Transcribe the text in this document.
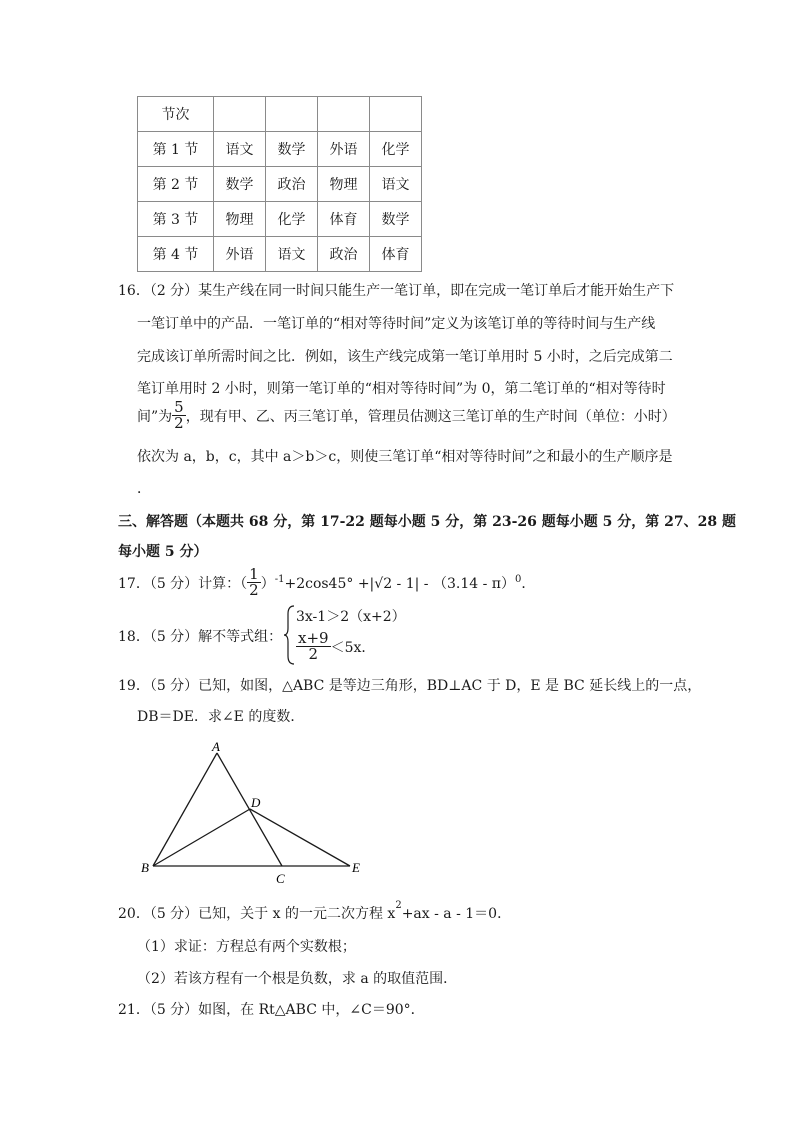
节次				
第 1 节	语文	数学	外语	化学
第 2 节	数学	政治	物理	语文
第 3 节	物理	化学	体育	数学
第 4 节	外语	语文	政治	体育
16．（2 分）某生产线在同一时间只能生产一笔订单，即在完成一笔订单后才能开始生产下
一笔订单中的产品．一笔订单的“相对等待时间”定义为该笔订单的等待时间与生产线
完成该订单所需时间之比．例如，该生产线完成第一笔订单用时 5 小时，之后完成第二
笔订单用时 2 小时，则第一笔订单的“相对等待时间”为 0，第二笔订单的“相对等待时
间”为 $\frac{5}{2}$ ，现有甲、乙、丙三笔订单，管理员估测这三笔订单的生产时间（单位：小时）
依次为 a，b，c，其中 a＞b＞c，则使三笔订单“相对等待时间”之和最小的生产顺序是
．
三、解答题（本题共 68 分，第 17-22 题每小题 5 分，第 23-26 题每小题 5 分，第 27、28 题
每小题 5 分）
17．（5 分）计算：（ $\frac{1}{2}$ ） -1 +2cos45° +|√2 - 1| - （3.14 - π） 0 ．
18．（5 分）解不等式组：
3x-1＞2（x+2）
$\frac{x+9}{2} <5x$．
19．（5 分）已知，如图，△ABC 是等边三角形，BD⊥AC 于 D，E 是 BC 延长线上的一点，
DB＝DE．求∠E 的度数．
A
B
C
D
E
20．（5 分）已知，关于 x 的一元二次方程 $x^2+ax - a - 1=0$．
（1）求证：方程总有两个实数根；
（2）若该方程有一个根是负数，求 a 的取值范围．
21．（5 分）如图，在 Rt△ABC 中，∠C＝90°．
